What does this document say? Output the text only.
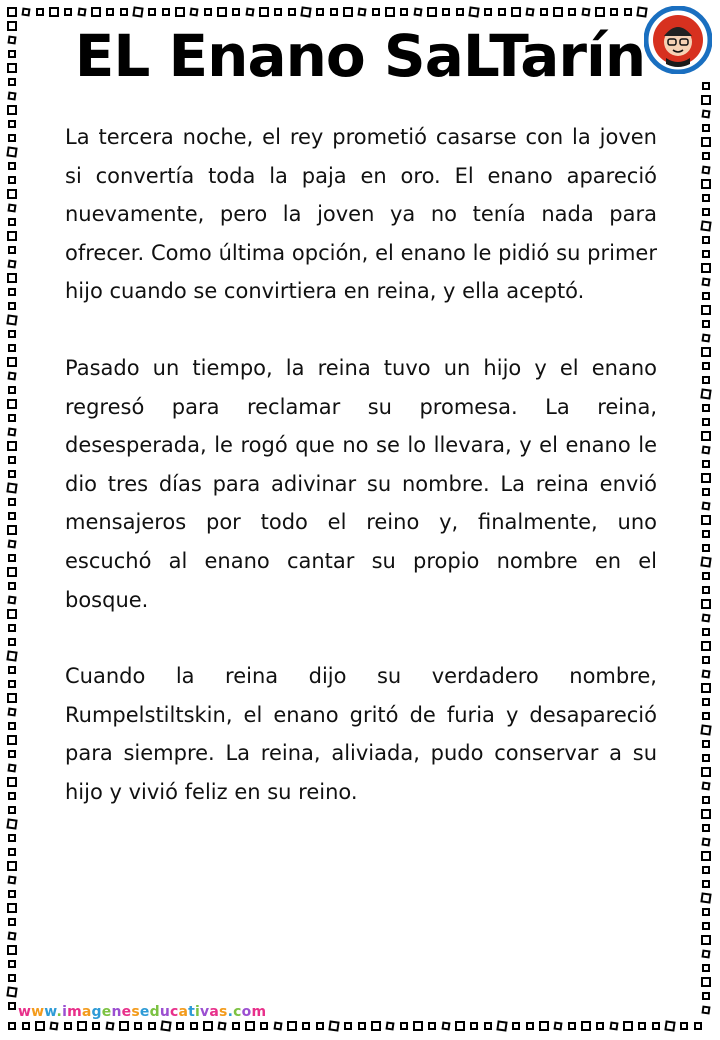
EL Enano SaLTarín

La tercera noche, el rey prometió casarse con la joven si convertía toda la paja en oro. El enano apareció nuevamente, pero la joven ya no tenía nada para ofrecer. Como última opción, el enano le pidió su primer hijo cuando se convirtiera en reina, y ella aceptó.

Pasado un tiempo, la reina tuvo un hijo y el enano regresó para reclamar su promesa. La reina, desesperada, le rogó que no se lo llevara, y el enano le dio tres días para adivinar su nombre. La reina envió mensajeros por todo el reino y, finalmente, uno escuchó al enano cantar su propio nombre en el bosque.

Cuando la reina dijo su verdadero nombre, Rumpelstiltskin, el enano gritó de furia y desapareció para siempre. La reina, aliviada, pudo conservar a su hijo y vivió feliz en su reino.

www.imageneseducativas.com
